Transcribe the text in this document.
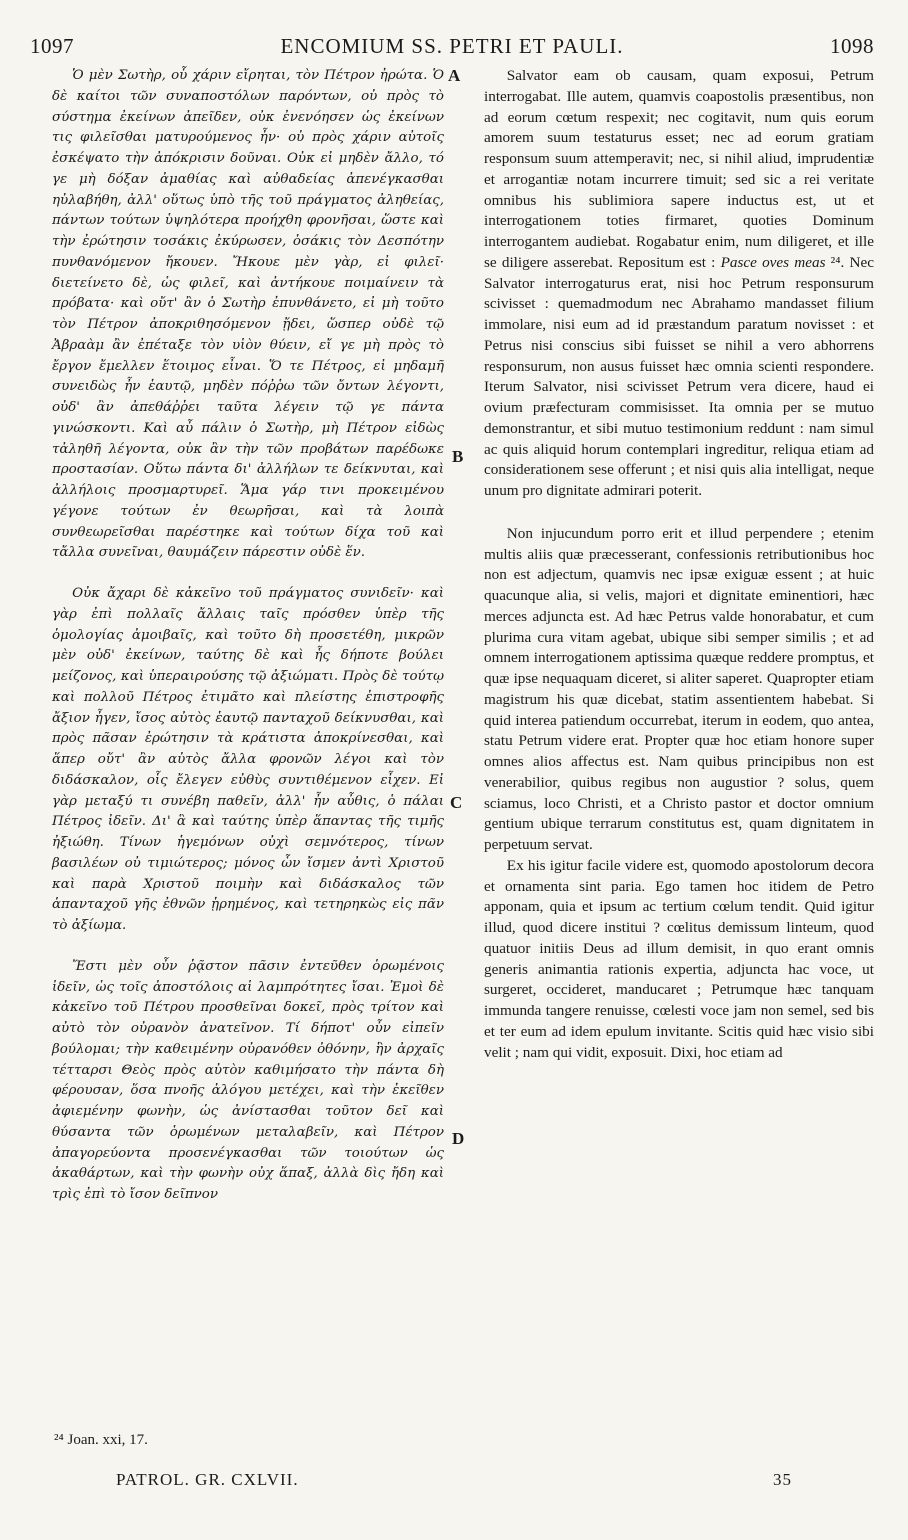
1097	ENCOMIUM SS. PETRI ET PAULI.	1098

Ὁ μὲν Σωτὴρ, οὗ χάριν εἴρηται, τὸν Πέτρον ἠρώτα. Ὁ δὲ καίτοι τῶν συναποστόλων παρόντων, οὐ πρὸς τὸ σύστημα ἐκείνων ἀπεῖδεν, οὐκ ἐνενόησεν ὡς ἐκείνων τις φιλεῖσθαι ματυρούμενος ἦν· οὐ πρὸς χάριν αὐτοῖς ἐσκέψατο τὴν ἀπόκρισιν δοῦναι. Οὐκ εἰ μηδὲν ἄλλο, τό γε μὴ δόξαν ἀμαθίας καὶ αὐθαδείας ἀπενέγκασθαι ηὐλαβήθη, ἀλλ' οὕτως ὑπὸ τῆς τοῦ πράγματος ἀληθείας, πάντων τούτων ὑψηλότερα προήχθη φρονῆσαι, ὥστε καὶ τὴν ἐρώτησιν τοσάκις ἐκύρωσεν, ὁσάκις τὸν Δεσπότην πυνθανόμενον ἤκουεν. Ἤκουε μὲν γὰρ, εἰ φιλεῖ· διετείνετο δὲ, ὡς φιλεῖ, καὶ ἀντήκουε ποιμαίνειν τὰ πρόβατα· καὶ οὔτ' ἂν ὁ Σωτὴρ ἐπυνθάνετο, εἰ μὴ τοῦτο τὸν Πέτρον ἀποκριθησόμενον ᾔδει, ὥσπερ οὐδὲ τῷ Ἀβραὰμ ἂν ἐπέταξε τὸν υἱὸν θύειν, εἴ γε μὴ πρὸς τὸ ἔργον ἔμελλεν ἕτοιμος εἶναι. Ὅ τε Πέτρος, εἰ μηδαμῆ συνειδὼς ἦν ἑαυτῷ, μηδὲν πόῤῥω τῶν ὄντων λέγοντι, οὐδ' ἂν ἀπεθάῤῥει ταῦτα λέγειν τῷ γε πάντα γινώσκοντι. Καὶ αὖ πάλιν ὁ Σωτὴρ, μὴ Πέτρον εἰδὼς τἀληθῆ λέγοντα, οὐκ ἂν τὴν τῶν προβάτων παρέδωκε προστασίαν. Οὕτω πάντα δι' ἀλλήλων τε δείκνυται, καὶ ἀλλήλοις προσμαρτυρεῖ. Ἅμα γάρ τινι προκειμένου γέγονε τούτων ἐν θεωρῆσαι, καὶ τὰ λοιπὰ συνθεωρεῖσθαι παρέστηκε καὶ τούτων δίχα τοῦ καὶ τἄλλα συνεῖναι, θαυμάζειν πάρεστιν οὐδὲ ἕν.

Οὐκ ἄχαρι δὲ κἀκεῖνο τοῦ πράγματος συνιδεῖν· καὶ γὰρ ἐπὶ πολλαῖς ἄλλαις ταῖς πρόσθεν ὑπὲρ τῆς ὁμολογίας ἀμοιβαῖς, καὶ τοῦτο δὴ προσετέθη, μικρῶν μὲν οὐδ' ἐκείνων, ταύτης δὲ καὶ ἧς δήποτε βούλει μείζονος, καὶ ὑπεραιρούσης τῷ ἀξιώματι. Πρὸς δὲ τούτῳ καὶ πολλοῦ Πέτρος ἐτιμᾶτο καὶ πλείστης ἐπιστροφῆς ἄξιον ἦγεν, ἴσος αὐτὸς ἑαυτῷ πανταχοῦ δείκνυσθαι, καὶ πρὸς πᾶσαν ἐρώτησιν τὰ κράτιστα ἀποκρίνεσθαι, καὶ ἅπερ οὔτ' ἂν αὐτὸς ἄλλα φρονῶν λέγοι καὶ τὸν διδάσκαλον, οἷς ἔλεγεν εὐθὺς συντιθέμενον εἶχεν. Εἰ γὰρ μεταξύ τι συνέβη παθεῖν, ἀλλ' ἦν αὖθις, ὁ πάλαι Πέτρος ἰδεῖν. Δι' ἃ καὶ ταύτης ὑπὲρ ἅπαντας τῆς τιμῆς ἠξιώθη. Τίνων ἡγεμόνων οὐχὶ σεμνότερος, τίνων βασιλέων οὐ τιμιώτερος; μόνος ὧν ἴσμεν ἀντὶ Χριστοῦ καὶ παρὰ Χριστοῦ ποιμὴν καὶ διδάσκαλος τῶν ἁπανταχοῦ γῆς ἐθνῶν ᾑρημένος, καὶ τετηρηκὼς εἰς πᾶν τὸ ἀξίωμα.

Ἔστι μὲν οὖν ῥᾷστον πᾶσιν ἐντεῦθεν ὁρωμένοις ἰδεῖν, ὡς τοῖς ἀποστόλοις αἱ λαμπρότητες ἴσαι. Ἐμοὶ δὲ κἀκεῖνο τοῦ Πέτρου προσθεῖναι δοκεῖ, πρὸς τρίτον καὶ αὐτὸ τὸν οὐρανὸν ἀνατεῖνον. Τί δήποτ' οὖν εἰπεῖν βούλομαι; τὴν καθειμένην οὐρανόθεν ὀθόνην, ἣν ἀρχαῖς τέτταρσι Θεὸς πρὸς αὐτὸν καθιμήσατο τὴν πάντα δὴ φέρουσαν, ὅσα πνοῆς ἀλόγου μετέχει, καὶ τὴν ἐκεῖθεν ἀφιεμένην φωνὴν, ὡς ἀνίστασθαι τοῦτον δεῖ καὶ θύσαντα τῶν ὁρωμένων μεταλαβεῖν, καὶ Πέτρον ἀπαγορεύοντα προσενέγκασθαι τῶν τοιούτων ὡς ἀκαθάρτων, καὶ τὴν φωνὴν οὐχ ἅπαξ, ἀλλὰ δὶς ἤδη καὶ τρὶς ἐπὶ τὸ ἴσον δεῖπνον

A
B
C
D

Salvator eam ob causam, quam exposui, Petrum interrogabat. Ille autem, quamvis coapostolis præsentibus, non ad eorum cœtum respexit; nec cogitavit, num quis eorum amorem suum testaturus esset; nec ad eorum gratiam responsum suum attemperavit; nec, si nihil aliud, imprudentiæ et arrogantiæ notam incurrere timuit; sed sic a rei veritate omnibus his sublimiora sapere inductus est, ut et interrogationem toties firmaret, quoties Dominum interrogantem audiebat. Rogabatur enim, num diligeret, et ille se diligere asserebat. Repositum est : Pasce oves meas ²⁴. Nec Salvator interrogaturus erat, nisi hoc Petrum responsurum scivisset : quemadmodum nec Abrahamo mandasset filium immolare, nisi eum ad id præstandum paratum novisset : et Petrus nisi conscius sibi fuisset se nihil a vero abhorrens responsurum, non ausus fuisset hæc omnia scienti respondere. Iterum Salvator, nisi scivisset Petrum vera dicere, haud ei ovium præfecturam commisisset. Ita omnia per se mutuo demonstrantur, et sibi mutuo testimonium reddunt : nam simul ac quis aliquid horum contemplari ingreditur, reliqua etiam ad considerationem sese offerunt ; et nisi quis alia intelligat, neque unum pro dignitate admirari poterit.

Non injucundum porro erit et illud perpendere ; etenim multis aliis quæ præcesserant, confessionis retributionibus hoc non est adjectum, quamvis nec ipsæ exiguæ essent ; at huic quacunque alia, si velis, majori et dignitate eminentiori, hæc merces adjuncta est. Ad hæc Petrus valde honorabatur, et cum plurima cura vitam agebat, ubique sibi semper similis ; et ad omnem interrogationem aptissima quæque reddere promptus, et quæ ipse nequaquam diceret, si aliter saperet. Quapropter etiam magistrum his quæ dicebat, statim assentientem habebat. Si quid interea patiendum occurrebat, iterum in eodem, quo antea, statu Petrum videre erat. Propter quæ hoc etiam honore super omnes alios affectus est. Nam quibus principibus non est venerabilior, quibus regibus non augustior ? solus, quem sciamus, loco Christi, et a Christo pastor et doctor omnium gentium ubique terrarum constitutus est, quam dignitatem in perpetuum servat.

Ex his igitur facile videre est, quomodo apostolorum decora et ornamenta sint paria. Ego tamen hoc itidem de Petro apponam, quia et ipsum ac tertium cœlum tendit. Quid igitur illud, quod dicere institui ? cœlitus demissum linteum, quod quatuor initiis Deus ad illum demisit, in quo erant omnis generis animantia rationis expertia, adjuncta hac voce, ut surgeret, occideret, manducaret ; Petrumque hæc tanquam immunda tangere renuisse, cœlesti voce jam non semel, sed bis et ter eum ad idem epulum invitante. Scitis quid hæc visio sibi velit ; nam qui vidit, exposuit. Dixi, hoc etiam ad

²⁴ Joan. xxi, 17.
PATROL. GR. CXLVII.	35
